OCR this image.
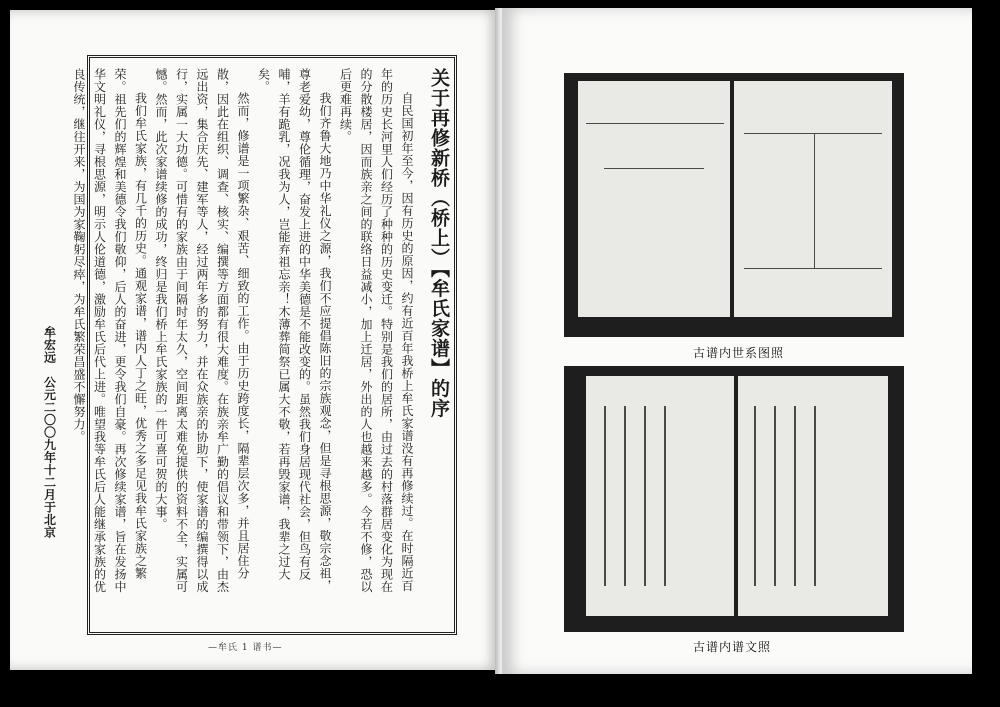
关于再修新桥（桥上）【牟氏家谱】的序

自民国初年至今，因有历史的原因，约有近百年我桥上牟氏家谱没有再修续过。在时隔近百年的历史长河里人们经历了种种的历史变迁。特别是我们的居所，由过去的村落群居变化为现在的分散楼居，因而族亲之间的联络日益减小，加上迁居，外出的人也越来越多。今若不修，恐以后更难再续。

我们齐鲁大地乃中华礼仪之源，我们不应提倡陈旧的宗族观念，但是寻根思源，敬宗念祖，尊老爱幼，尊伦循理，奋发上进的中华美德是不能改变的。虽然我们身居现代社会，但鸟有反哺，羊有跪乳，况我为人，岂能弃祖忘亲！木薄葬简祭已属大不敬，若再毁家谱，我辈之过大矣。

然而，修谱是一项繁杂、艰苦、细致的工作。由于历史跨度长，隔辈层次多，并且居住分散，因此在组织、调查、核实、编撰等方面都有很大难度。在族亲牟广勤的倡议和带领下，由杰远出资，集合庆先、建军等人，经过两年多的努力，并在众族亲的协助下，使家谱的编撰得以成行，实属一大功德。可惜有的家族由于间隔时年太久，空间距离太难免提供的资料不全，实属可憾。然而，此次家谱续修的成功，终归是我们桥上牟氏家族的一件可喜可贺的大事。

我们牟氏家族，有几千的历史。通观家谱，谱内人丁之旺，优秀之多足见我牟氏家族之繁荣。祖先们的辉煌和美德令我们敬仰，后人的奋进，更令我们自豪。再次修续家谱，旨在发扬中华文明礼仪，寻根思源，明示人伦道德，激励牟氏后代上进。唯望我等牟氏后人能继承家族的优良传统，继往开来，为国为家鞠躬尽瘁，为牟氏繁荣昌盛不懈努力。

牟宏远　公元二〇〇九年十二月于北京
—牟氏 1 谱书—
古谱内世系图照
古谱内谱文照
